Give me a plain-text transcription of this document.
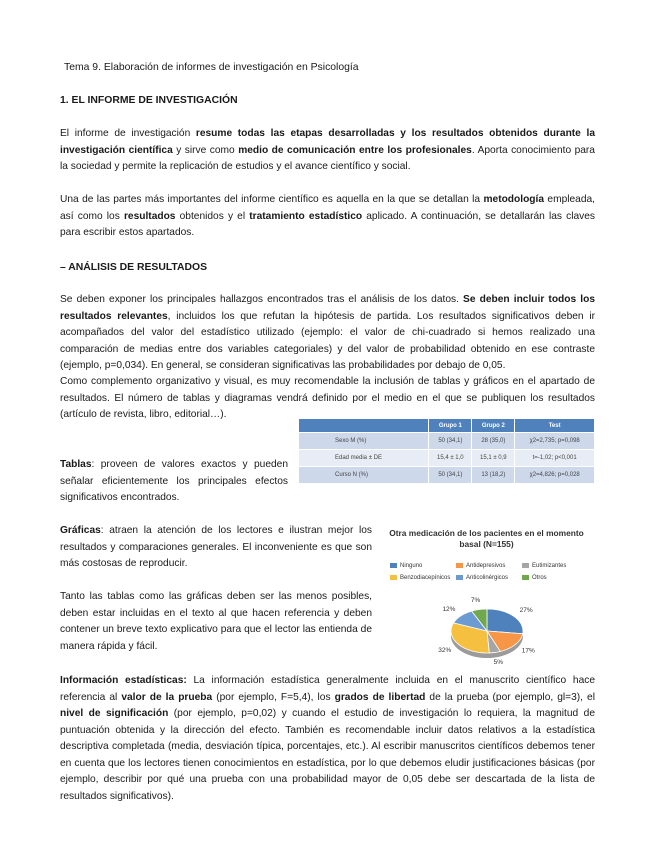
Tema 9. Elaboración de informes de investigación en Psicología
1. EL INFORME DE INVESTIGACIÓN
El informe de investigación resume todas las etapas desarrolladas y los resultados obtenidos durante la investigación científica y sirve como medio de comunicación entre los profesionales. Aporta conocimiento para la sociedad y permite la replicación de estudios y el avance científico y social.
Una de las partes más importantes del informe científico es aquella en la que se detallan la metodología empleada, así como los resultados obtenidos y el tratamiento estadístico aplicado. A continuación, se detallarán las claves para escribir estos apartados.
– ANÁLISIS DE RESULTADOS
Se deben exponer los principales hallazgos encontrados tras el análisis de los datos. Se deben incluir todos los resultados relevantes, incluidos los que refutan la hipótesis de partida. Los resultados significativos deben ir acompañados del valor del estadístico utilizado (ejemplo: el valor de chi-cuadrado si hemos realizado una comparación de medias entre dos variables categoriales) y del valor de probabilidad obtenido en ese contraste (ejemplo, p=0,034). En general, se consideran significativas las probabilidades por debajo de 0,05.
Como complemento organizativo y visual, es muy recomendable la inclusión de tablas y gráficos en el apartado de resultados. El número de tablas y diagramas vendrá definido por el medio en el que se publiquen los resultados (artículo de revista, libro, editorial…).
Tablas: proveen de valores exactos y pueden señalar eficientemente los principales efectos significativos encontrados.
	Grupo 1	Grupo 2	Test
Sexo M (%)	50 (34,1)	28 (35,0)	χ2=2,735; p=0,098
Edad media ± DE	15,4 ± 1,0	15,1 ± 0,9	t=-1,02; p<0,001
Curso N (%)	50 (34,1)	13 (18,2)	χ2=4,826; p=0,028
Gráficas: atraen la atención de los lectores e ilustran mejor los resultados y comparaciones generales. El inconveniente es que son más costosas de reproducir.
Tanto las tablas como las gráficas deben ser las menos posibles, deben estar incluidas en el texto al que hacen referencia y deben contener un breve texto explicativo para que el lector las entienda de manera rápida y fácil.
Otra medicación de los pacientes en el momento basal (N=155)
Ninguno	Antidepresivos	Eutimizantes
Benzodiacepínicos	Anticolinérgicos	Otros
27%
17%
5%
32%
12%
7%
Información estadísticas: La información estadística generalmente incluida en el manuscrito científico hace referencia al valor de la prueba (por ejemplo, F=5,4), los grados de libertad de la prueba (por ejemplo, gl=3), el nivel de significación (por ejemplo, p=0,02) y cuando el estudio de investigación lo requiera, la magnitud de puntuación obtenida y la dirección del efecto. También es recomendable incluir datos relativos a la estadística descriptiva completada (media, desviación típica, porcentajes, etc.). Al escribir manuscritos científicos debemos tener en cuenta que los lectores tienen conocimientos en estadística, por lo que debemos eludir justificaciones básicas (por ejemplo, describir por qué una prueba con una probabilidad mayor de 0,05 debe ser descartada de la lista de resultados significativos).
